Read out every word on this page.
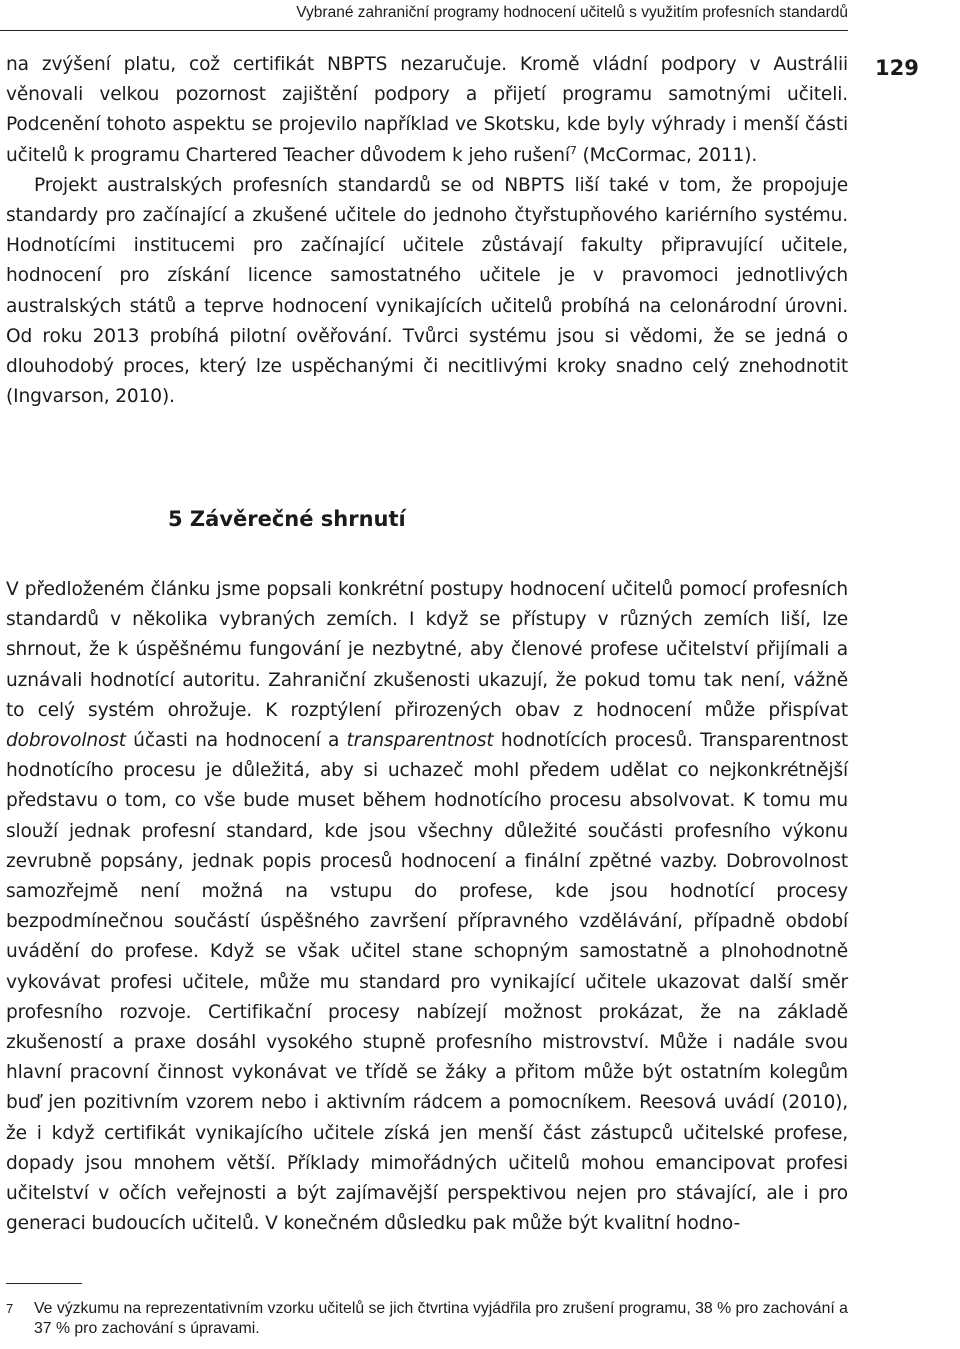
Vybrané zahraniční programy hodnocení učitelů s využitím profesních standardů
129

na zvýšení platu, což certifikát NBPTS nezaručuje. Kromě vládní podpory v Austrálii věnovali velkou pozornost zajištění podpory a přijetí programu samotnými učiteli. Podcenění tohoto aspektu se projevilo například ve Skotsku, kde byly výhrady i menší části učitelů k programu Chartered Teacher důvodem k jeho rušení$^7$ (McCormac, 2011).

Projekt australských profesních standardů se od NBPTS liší také v tom, že propojuje standardy pro začínající a zkušené učitele do jednoho čtyřstupňového kariérního systému. Hodnotícími institucemi pro začínající učitele zůstávají fakulty připravující učitele, hodnocení pro získání licence samostatného učitele je v pravomoci jednotlivých australských států a teprve hodnocení vynikajících učitelů probíhá na celonárodní úrovni. Od roku 2013 probíhá pilotní ověřování. Tvůrci systému jsou si vědomi, že se jedná o dlouhodobý proces, který lze uspěchanými či necitlivými kroky snadno celý znehodnotit (Ingvarson, 2010).

5 Závěrečné shrnutí

V předloženém článku jsme popsali konkrétní postupy hodnocení učitelů pomocí profesních standardů v několika vybraných zemích. I když se přístupy v různých zemích liší, lze shrnout, že k úspěšnému fungování je nezbytné, aby členové profese učitelství přijímali a uznávali hodnotící autoritu. Zahraniční zkušenosti ukazují, že pokud tomu tak není, vážně to celý systém ohrožuje. K rozptýlení přirozených obav z hodnocení může přispívat dobrovolnost účasti na hodnocení a transparentnost hodnotících procesů. Transparentnost hodnotícího procesu je důležitá, aby si uchazeč mohl předem udělat co nejkonkrétnější představu o tom, co vše bude muset během hodnotícího procesu absolvovat. K tomu mu slouží jednak profesní standard, kde jsou všechny důležité součásti profesního výkonu zevrubně popsány, jednak popis procesů hodnocení a finální zpětné vazby. Dobrovolnost samozřejmě není možná na vstupu do profese, kde jsou hodnotící procesy bezpodmínečnou součástí úspěšného završení přípravného vzdělávání, případně období uvádění do profese. Když se však učitel stane schopným samostatně a plnohodnotně vykovávat profesi učitele, může mu standard pro vynikající učitele ukazovat další směr profesního rozvoje. Certifikační procesy nabízejí možnost prokázat, že na základě zkušeností a praxe dosáhl vysokého stupně profesního mistrovství. Může i nadále svou hlavní pracovní činnost vykonávat ve třídě se žáky a přitom může být ostatním kolegům buď jen pozitivním vzorem nebo i aktivním rádcem a pomocníkem. Reesová uvádí (2010), že i když certifikát vynikajícího učitele získá jen menší část zástupců učitelské profese, dopady jsou mnohem větší. Příklady mimořádných učitelů mohou emancipovat profesi učitelství v očích veřejnosti a být zajímavější perspektivou nejen pro stávající, ale i pro generaci budoucích učitelů. V konečném důsledku pak může být kvalitní hodno-

7 Ve výzkumu na reprezentativním vzorku učitelů se jich čtvrtina vyjádřila pro zrušení programu, 38 % pro zachování a 37 % pro zachování s úpravami.
